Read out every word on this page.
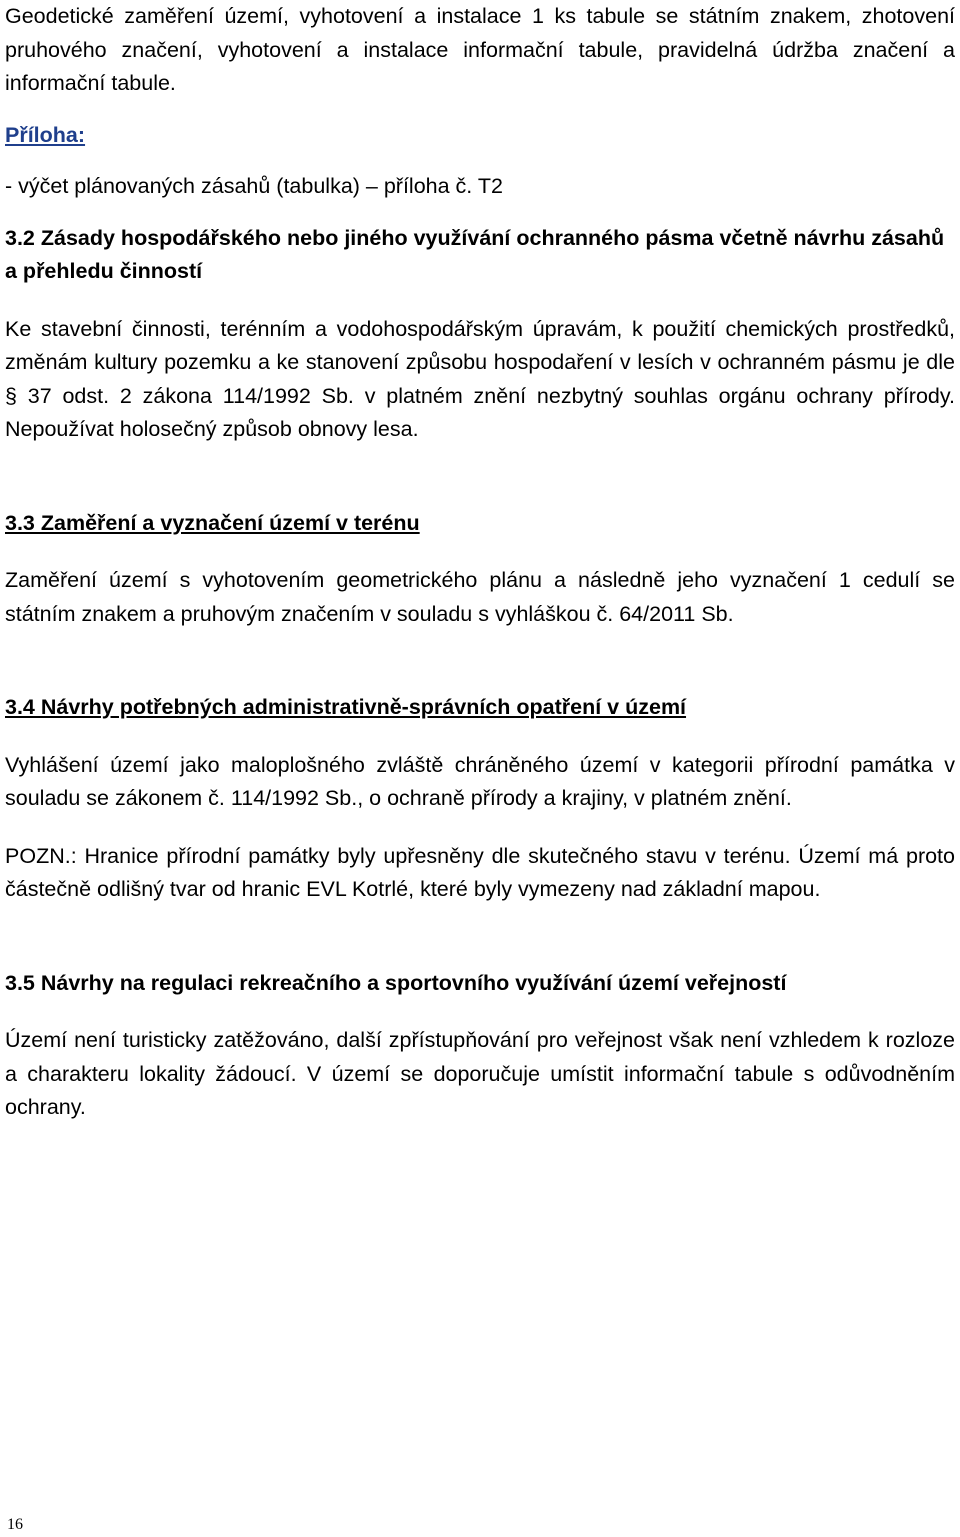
Geodetické zaměření území, vyhotovení a instalace 1 ks tabule se státním znakem, zhotovení pruhového značení, vyhotovení a instalace informační tabule, pravidelná údržba značení a informační tabule.

Příloha:

- výčet plánovaných zásahů (tabulka) – příloha č. T2

3.2 Zásady hospodářského nebo jiného využívání ochranného pásma včetně návrhu zásahů a přehledu činností

Ke stavební činnosti, terénním a vodohospodářským úpravám, k použití chemických prostředků, změnám kultury pozemku a ke stanovení způsobu hospodaření v lesích v ochranném pásmu je dle § 37 odst. 2 zákona 114/1992 Sb. v platném znění nezbytný souhlas orgánu ochrany přírody. Nepoužívat holosečný způsob obnovy lesa.

3.3 Zaměření a vyznačení území v terénu

Zaměření území s vyhotovením geometrického plánu a následně jeho vyznačení 1 cedulí se státním znakem a pruhovým značením v souladu s vyhláškou č. 64/2011 Sb.

3.4 Návrhy potřebných administrativně-správních opatření v území

Vyhlášení území jako maloplošného zvláště chráněného území v kategorii přírodní památka v souladu se zákonem č. 114/1992 Sb., o ochraně přírody a krajiny, v platném znění.

POZN.: Hranice přírodní památky byly upřesněny dle skutečného stavu v terénu. Území má proto částečně odlišný tvar od hranic EVL Kotrlé, které byly vymezeny nad základní mapou.

3.5 Návrhy na regulaci rekreačního a sportovního využívání území veřejností

Území není turisticky zatěžováno, další zpřístupňování pro veřejnost však není vzhledem k rozloze a charakteru lokality žádoucí. V území se doporučuje umístit informační tabule s odůvodněním ochrany.

16
